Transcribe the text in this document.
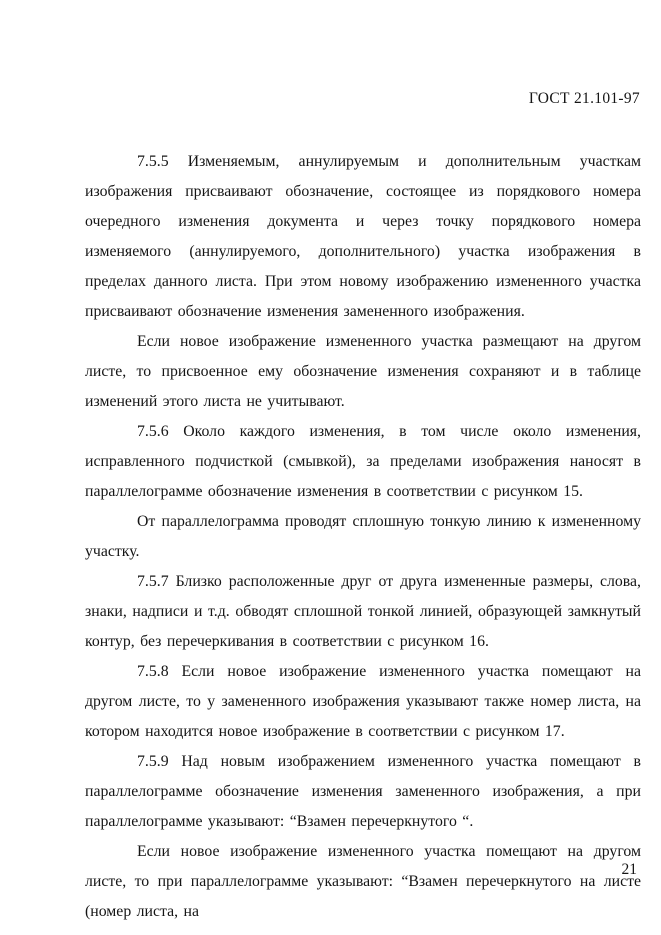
ГОСТ 21.101-97

7.5.5 Изменяемым, аннулируемым и дополнительным участкам изображения присваивают обозначение, состоящее из порядкового номера очередного изменения документа и через точку порядкового номера изменяемого (аннулируемого, дополнительного) участка изображения в пределах данного листа. При этом новому изображению измененного участка присваивают обозначение изменения замененного изображения.

Если новое изображение измененного участка размещают на другом листе, то присвоенное ему обозначение изменения сохраняют и в таблице изменений этого листа не учитывают.

7.5.6 Около каждого изменения, в том числе около изменения, исправленного подчисткой (смывкой), за пределами изображения наносят в параллелограмме обозначение изменения в соответствии с рисунком 15.

От параллелограмма проводят сплошную тонкую линию к измененному участку.

7.5.7 Близко расположенные друг от друга измененные размеры, слова, знаки, надписи и т.д. обводят сплошной тонкой линией, образующей замкнутый контур, без перечеркивания в соответствии с рисунком 16.

7.5.8 Если новое изображение измененного участка помещают на другом листе, то у замененного изображения указывают также номер листа, на котором находится новое изображение в соответствии с рисунком 17.

7.5.9 Над новым изображением измененного участка помещают в параллелограмме обозначение изменения замененного изображения, а при параллелограмме указывают: “Взамен перечеркнутого “.

Если новое изображение измененного участка помещают на другом листе, то при параллелограмме указывают: “Взамен перечеркнутого на листе (номер листа, на

21
